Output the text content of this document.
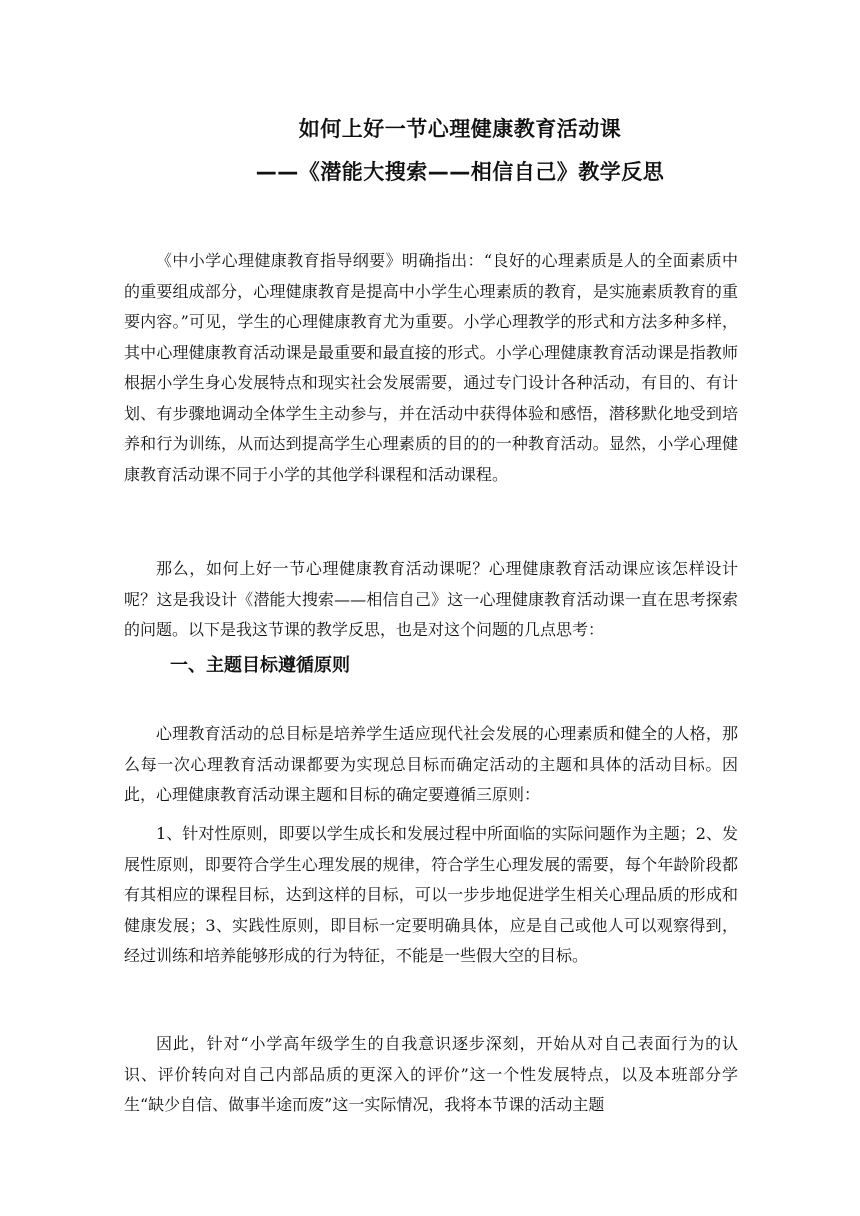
如何上好一节心理健康教育活动课
——《潜能大搜索——相信自己》教学反思

《中小学心理健康教育指导纲要》明确指出：“良好的心理素质是人的全面素质中的重要组成部分，心理健康教育是提高中小学生心理素质的教育，是实施素质教育的重要内容。”可见，学生的心理健康教育尤为重要。小学心理教学的形式和方法多种多样，其中心理健康教育活动课是最重要和最直接的形式。小学心理健康教育活动课是指教师根据小学生身心发展特点和现实社会发展需要，通过专门设计各种活动，有目的、有计划、有步骤地调动全体学生主动参与，并在活动中获得体验和感悟，潜移默化地受到培养和行为训练，从而达到提高学生心理素质的目的的一种教育活动。显然，小学心理健康教育活动课不同于小学的其他学科课程和活动课程。

那么，如何上好一节心理健康教育活动课呢？心理健康教育活动课应该怎样设计呢？这是我设计《潜能大搜索——相信自己》这一心理健康教育活动课一直在思考探索的问题。以下是我这节课的教学反思，也是对这个问题的几点思考：

一、主题目标遵循原则

心理教育活动的总目标是培养学生适应现代社会发展的心理素质和健全的人格，那么每一次心理教育活动课都要为实现总目标而确定活动的主题和具体的活动目标。因此，心理健康教育活动课主题和目标的确定要遵循三原则：

1、针对性原则，即要以学生成长和发展过程中所面临的实际问题作为主题；2、发展性原则，即要符合学生心理发展的规律，符合学生心理发展的需要，每个年龄阶段都有其相应的课程目标，达到这样的目标，可以一步步地促进学生相关心理品质的形成和健康发展；3、实践性原则，即目标一定要明确具体，应是自己或他人可以观察得到，经过训练和培养能够形成的行为特征，不能是一些假大空的目标。

因此，针对“小学高年级学生的自我意识逐步深刻，开始从对自己表面行为的认识、评价转向对自己内部品质的更深入的评价”这一个性发展特点，以及本班部分学生“缺少自信、做事半途而废”这一实际情况，我将本节课的活动主题
